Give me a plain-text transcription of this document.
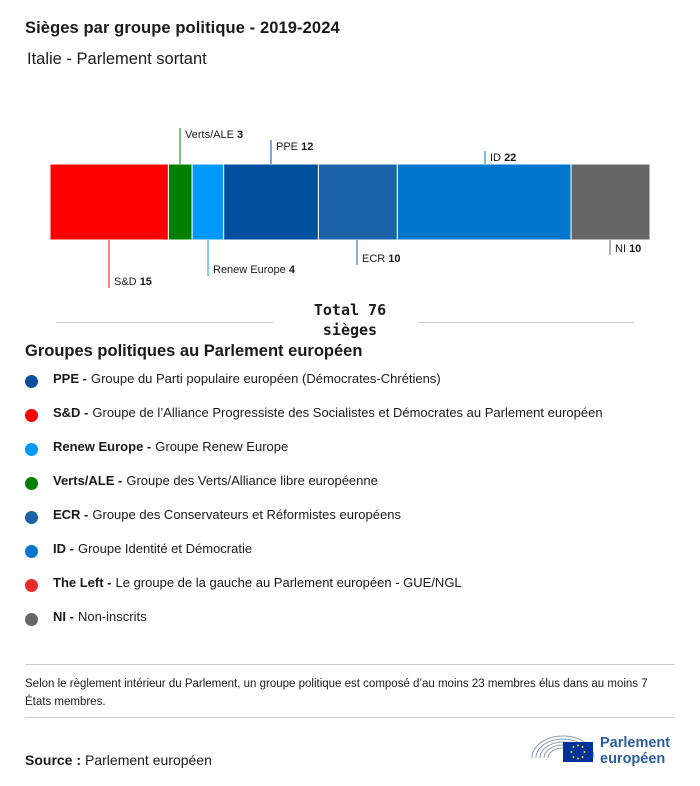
Sièges par groupe politique - 2019-2024
Italie - Parlement sortant
S&D 15
Verts/ALE 3
Renew Europe 4
PPE 12
ECR 10
ID 22
NI 10
Total 76
sièges
Groupes politiques au Parlement européen
PPE - Groupe du Parti populaire européen (Démocrates-Chrétiens)
S&D - Groupe de l’Alliance Progressiste des Socialistes et Démocrates au Parlement européen
Renew Europe - Groupe Renew Europe
Verts/ALE - Groupe des Verts/Alliance libre européenne
ECR - Groupe des Conservateurs et Réformistes européens
ID - Groupe Identité et Démocratie
The Left - Le groupe de la gauche au Parlement européen - GUE/NGL
NI - Non-inscrits
Selon le règlement intérieur du Parlement, un groupe politique est composé d’au moins 23 membres élus dans au moins 7 États membres.
Source : Parlement européen
Parlement
européen
